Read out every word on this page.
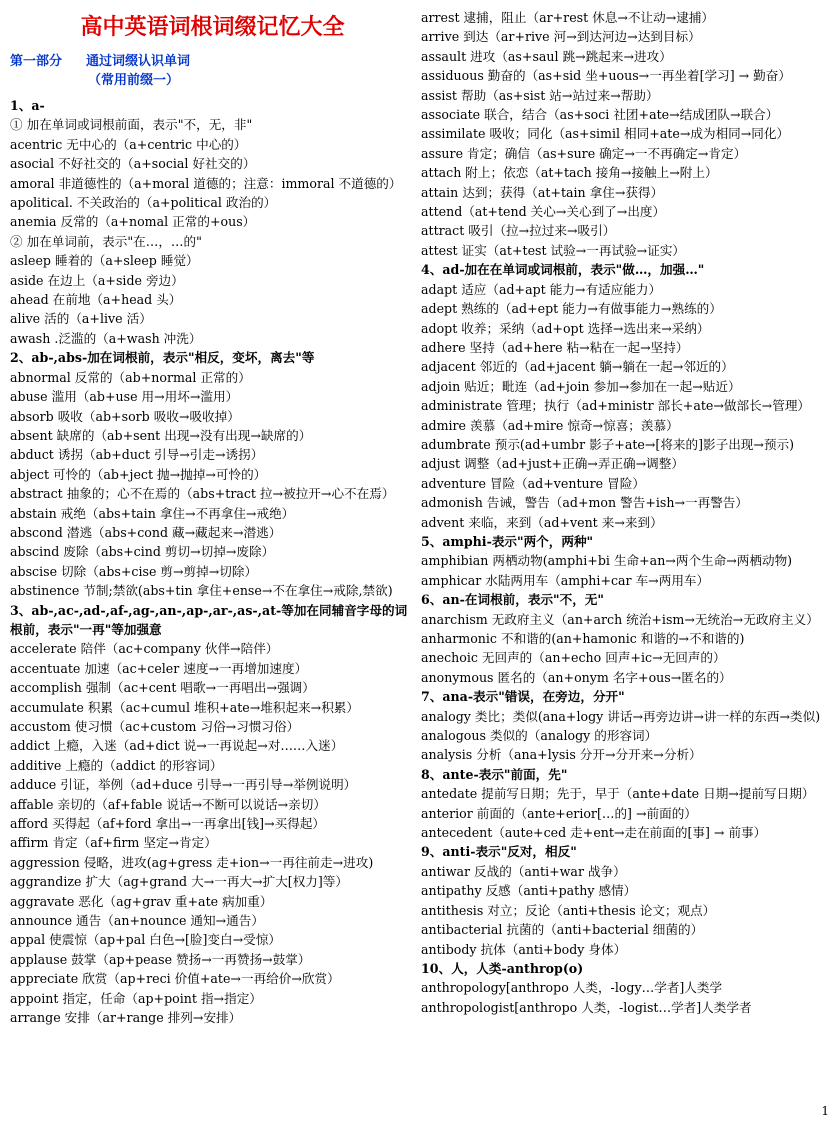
高中英语词根词缀记忆大全
第一部分 通过词缀认识单词
（常用前缀一）
1、a-
① 加在单词或词根前面，表示"不，无，非"
acentric 无中心的（a+centric 中心的）
asocial 不好社交的（a+social 好社交的）
amoral 非道德性的（a+moral 道德的；注意：immoral 不道德的）
apolitical. 不关政治的（a+political 政治的）
anemia 反常的（a+nomal 正常的+ous）
② 加在单词前，表示"在…，…的"
asleep 睡着的（a+sleep 睡觉）
aside 在边上（a+side 旁边）
ahead 在前地（a+head 头）
alive 活的（a+live 活）
awash .泛滥的（a+wash 冲洗）
2、ab-,abs-加在词根前，表示"相反，变坏，离去"等
abnormal 反常的（ab+normal 正常的）
abuse 滥用（ab+use 用→用坏→滥用）
absorb 吸收（ab+sorb 吸收→吸收掉）
absent 缺席的（ab+sent 出现→没有出现→缺席的）
abduct 诱拐（ab+duct 引导→引走→诱拐）
abject 可怜的（ab+ject 抛→抛掉→可怜的）
abstract 抽象的；心不在焉的（abs+tract 拉→被拉开→心不在焉）
abstain 戒绝（abs+tain 拿住→不再拿住→戒绝）
abscond 潜逃（abs+cond 藏→藏起来→潜逃）
abscind 废除（abs+cind 剪切→切掉→废除）
abscise 切除（abs+cise 剪→剪掉→切除）
abstinence 节制;禁欲(abs+tin 拿住+ense→不在拿住→戒除,禁欲)
3、ab-,ac-,ad-,af-,ag-,an-,ap-,ar-,as-,at-等加在同辅音字母的词根前，表示"一再"等加强意
accelerate 陪伴（ac+company 伙伴→陪伴）
accentuate 加速（ac+celer 速度→一再增加速度）
accomplish 强制（ac+cent 唱歌→一再唱出→强调）
accumulate 积累（ac+cumul 堆积+ate→堆积起来→积累）
accustom 使习惯（ac+custom 习俗→习惯习俗）
addict 上瘾，入迷（ad+dict 说→一再说起→对……入迷）
additive 上瘾的（addict 的形容词）
adduce 引证，举例（ad+duce 引导→一再引导→举例说明）
affable 亲切的（af+fable 说话→不断可以说话→亲切）
afford 买得起（af+ford 拿出→一再拿出[钱]→买得起）
affirm 肯定（af+firm 坚定→肯定）
aggression 侵略，进攻(ag+gress 走+ion→一再往前走→进攻)
aggrandize 扩大（ag+grand 大→一再大→扩大[权力]等）
aggravate 恶化（ag+grav 重+ate 病加重）
announce 通告（an+nounce 通知→通告）
appal 使震惊（ap+pal 白色→[脸]变白→受惊）
applause 鼓掌（ap+pease 赞扬→一再赞扬→鼓掌）
appreciate 欣赏（ap+reci 价值+ate→一再给价→欣赏）
appoint 指定，任命（ap+point 指→指定）
arrange 安排（ar+range 排列→安排）
arrest 逮捕，阻止（ar+rest 休息→不让动→逮捕）
arrive 到达（ar+rive 河→到达河边→达到目标）
assault 进攻（as+saul 跳→跳起来→进攻）
assiduous 勤奋的（as+sid 坐+uous→一再坐着[学习] → 勤奋）
assist 帮助（as+sist 站→站过来→帮助）
associate 联合，结合（as+soci 社团+ate→结成团队→联合）
assimilate 吸收；同化（as+simil 相同+ate→成为相同→同化）
assure 肯定；确信（as+sure 确定→一不再确定→肯定）
attach 附上；依恋（at+tach 接角→接触上→附上）
attain 达到；获得（at+tain 拿住→获得）
attend（at+tend 关心→关心到了→出度）
attract 吸引（拉→拉过来→吸引）
attest 证实（at+test 试验→一再试验→证实）
4、ad-加在在单词或词根前，表示"做…，加强…"
adapt 适应（ad+apt 能力→有适应能力）
adept 熟练的（ad+ept 能力→有做事能力→熟练的）
adopt 收养；采纳（ad+opt 选择→选出来→采纳）
adhere 坚持（ad+here 粘→粘在一起→坚持）
adjacent 邻近的（ad+jacent 躺→躺在一起→邻近的）
adjoin 贴近；毗连（ad+join 参加→参加在一起→贴近）
administrate 管理；执行（ad+ministr 部长+ate→做部长→管理）
admire 羡慕（ad+mire 惊奇→惊喜；羡慕）
adumbrate 预示(ad+umbr 影子+ate→[将来的]影子出现→预示)
adjust 调整（ad+just+正确→弄正确→调整）
adventure 冒险（ad+venture 冒险）
admonish 告诫，警告（ad+mon 警告+ish→一再警告）
advent 来临，来到（ad+vent 来→来到）
5、amphi-表示"两个，两种"
amphibian 两栖动物(amphi+bi 生命+an→两个生命→两栖动物)
amphicar 水陆两用车（amphi+car 车→两用车）
6、an-在词根前，表示"不，无"
anarchism 无政府主义（an+arch 统治+ism→无统治→无政府主义）
anharmonic 不和谐的(an+hamonic 和谐的→不和谐的)
anechoic 无回声的（an+echo 回声+ic→无回声的）
anonymous 匿名的（an+onym 名字+ous→匿名的）
7、ana-表示"错误，在旁边，分开"
analogy 类比；类似(ana+logy 讲话→再旁边讲→讲一样的东西→类似)
analogous 类似的（analogy 的形容词）
analysis 分析（ana+lysis 分开→分开来→分析）
8、ante-表示"前面，先"
antedate 提前写日期；先于，早于（ante+date 日期→提前写日期）
anterior 前面的（ante+erior[…的] →前面的）
antecedent（aute+ced 走+ent→走在前面的[事] → 前事）
9、anti-表示"反对，相反"
antiwar 反战的（anti+war 战争）
antipathy 反感（anti+pathy 感情）
antithesis 对立；反论（anti+thesis 论文；观点）
antibacterial 抗菌的（anti+bacterial 细菌的）
antibody 抗体（anti+body 身体）
10、人，人类-anthrop(o)
anthropology[anthropo 人类，-logy…学者]人类学
anthropologist[anthropo 人类，-logist…学者]人类学者
1
